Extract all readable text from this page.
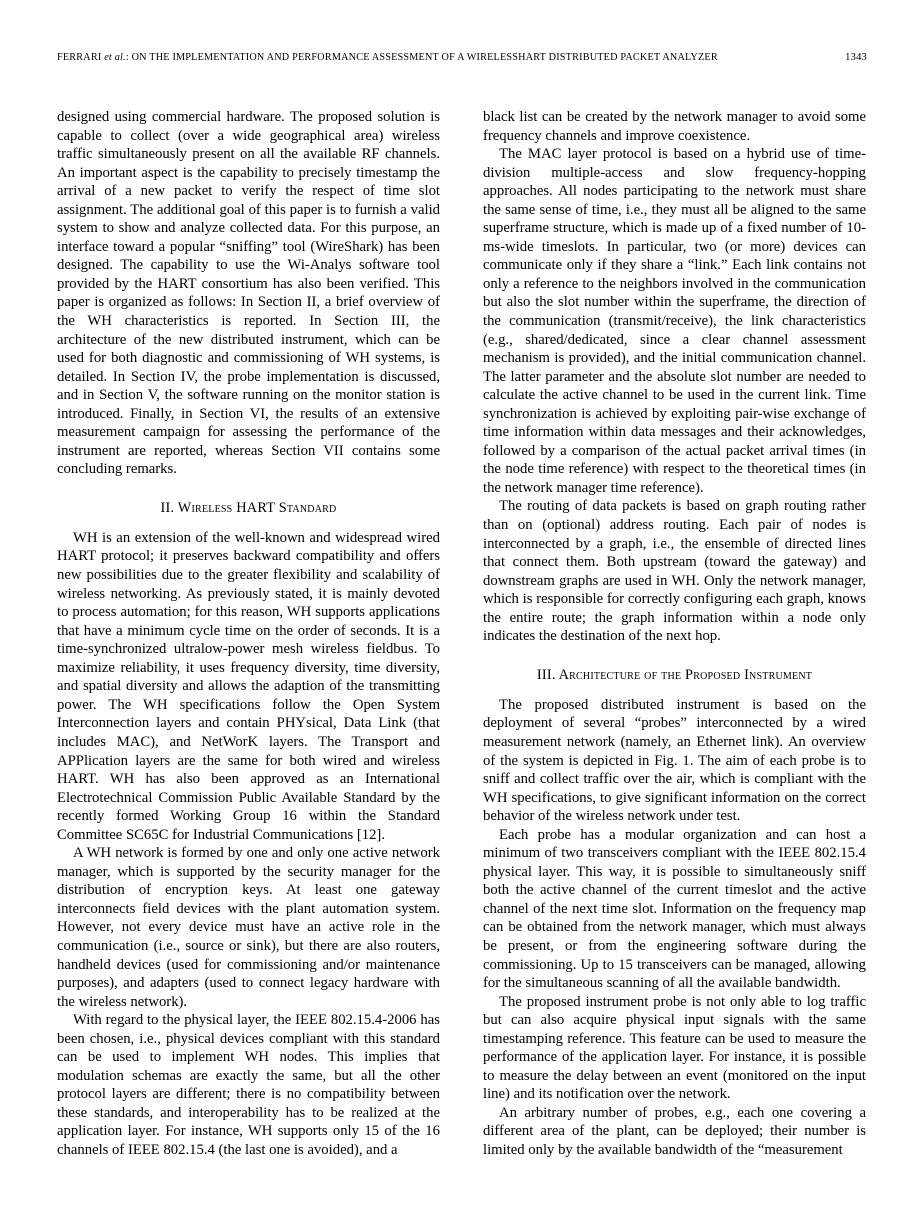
FERRARI et al.: ON THE IMPLEMENTATION AND PERFORMANCE ASSESSMENT OF A WIRELESSHART DISTRIBUTED PACKET ANALYZER	1343

designed using commercial hardware. The proposed solution is capable to collect (over a wide geographical area) wireless traffic simultaneously present on all the available RF channels. An important aspect is the capability to precisely timestamp the arrival of a new packet to verify the respect of time slot assignment. The additional goal of this paper is to furnish a valid system to show and analyze collected data. For this purpose, an interface toward a popular “sniffing” tool (WireShark) has been designed. The capability to use the Wi-Analys software tool provided by the HART consortium has also been verified. This paper is organized as follows: In Section II, a brief overview of the WH characteristics is reported. In Section III, the architecture of the new distributed instrument, which can be used for both diagnostic and commissioning of WH systems, is detailed. In Section IV, the probe implementation is discussed, and in Section V, the software running on the monitor station is introduced. Finally, in Section VI, the results of an extensive measurement campaign for assessing the performance of the instrument are reported, whereas Section VII contains some concluding remarks.

II. Wireless HART Standard

WH is an extension of the well-known and widespread wired HART protocol; it preserves backward compatibility and offers new possibilities due to the greater flexibility and scalability of wireless networking. As previously stated, it is mainly devoted to process automation; for this reason, WH supports applications that have a minimum cycle time on the order of seconds. It is a time-synchronized ultralow-power mesh wireless fieldbus. To maximize reliability, it uses frequency diversity, time diversity, and spatial diversity and allows the adaption of the transmitting power. The WH specifications follow the Open System Interconnection layers and contain PHYsical, Data Link (that includes MAC), and NetWorK layers. The Transport and APPlication layers are the same for both wired and wireless HART. WH has also been approved as an International Electrotechnical Commission Public Available Standard by the recently formed Working Group 16 within the Standard Committee SC65C for Industrial Communications [12].

A WH network is formed by one and only one active network manager, which is supported by the security manager for the distribution of encryption keys. At least one gateway interconnects field devices with the plant automation system. However, not every device must have an active role in the communication (i.e., source or sink), but there are also routers, handheld devices (used for commissioning and/or maintenance purposes), and adapters (used to connect legacy hardware with the wireless network).

With regard to the physical layer, the IEEE 802.15.4-2006 has been chosen, i.e., physical devices compliant with this standard can be used to implement WH nodes. This implies that modulation schemas are exactly the same, but all the other protocol layers are different; there is no compatibility between these standards, and interoperability has to be realized at the application layer. For instance, WH supports only 15 of the 16 channels of IEEE 802.15.4 (the last one is avoided), and a

black list can be created by the network manager to avoid some frequency channels and improve coexistence.

The MAC layer protocol is based on a hybrid use of time-division multiple-access and slow frequency-hopping approaches. All nodes participating to the network must share the same sense of time, i.e., they must all be aligned to the same superframe structure, which is made up of a fixed number of 10-ms-wide timeslots. In particular, two (or more) devices can communicate only if they share a “link.” Each link contains not only a reference to the neighbors involved in the communication but also the slot number within the superframe, the direction of the communication (transmit/receive), the link characteristics (e.g., shared/dedicated, since a clear channel assessment mechanism is provided), and the initial communication channel. The latter parameter and the absolute slot number are needed to calculate the active channel to be used in the current link. Time synchronization is achieved by exploiting pair-wise exchange of time information within data messages and their acknowledges, followed by a comparison of the actual packet arrival times (in the node time reference) with respect to the theoretical times (in the network manager time reference).

The routing of data packets is based on graph routing rather than on (optional) address routing. Each pair of nodes is interconnected by a graph, i.e., the ensemble of directed lines that connect them. Both upstream (toward the gateway) and downstream graphs are used in WH. Only the network manager, which is responsible for correctly configuring each graph, knows the entire route; the graph information within a node only indicates the destination of the next hop.

III. Architecture of the Proposed Instrument

The proposed distributed instrument is based on the deployment of several “probes” interconnected by a wired measurement network (namely, an Ethernet link). An overview of the system is depicted in Fig. 1. The aim of each probe is to sniff and collect traffic over the air, which is compliant with the WH specifications, to give significant information on the correct behavior of the wireless network under test.

Each probe has a modular organization and can host a minimum of two transceivers compliant with the IEEE 802.15.4 physical layer. This way, it is possible to simultaneously sniff both the active channel of the current timeslot and the active channel of the next time slot. Information on the frequency map can be obtained from the network manager, which must always be present, or from the engineering software during the commissioning. Up to 15 transceivers can be managed, allowing for the simultaneous scanning of all the available bandwidth.

The proposed instrument probe is not only able to log traffic but can also acquire physical input signals with the same timestamping reference. This feature can be used to measure the performance of the application layer. For instance, it is possible to measure the delay between an event (monitored on the input line) and its notification over the network.

An arbitrary number of probes, e.g., each one covering a different area of the plant, can be deployed; their number is limited only by the available bandwidth of the “measurement
